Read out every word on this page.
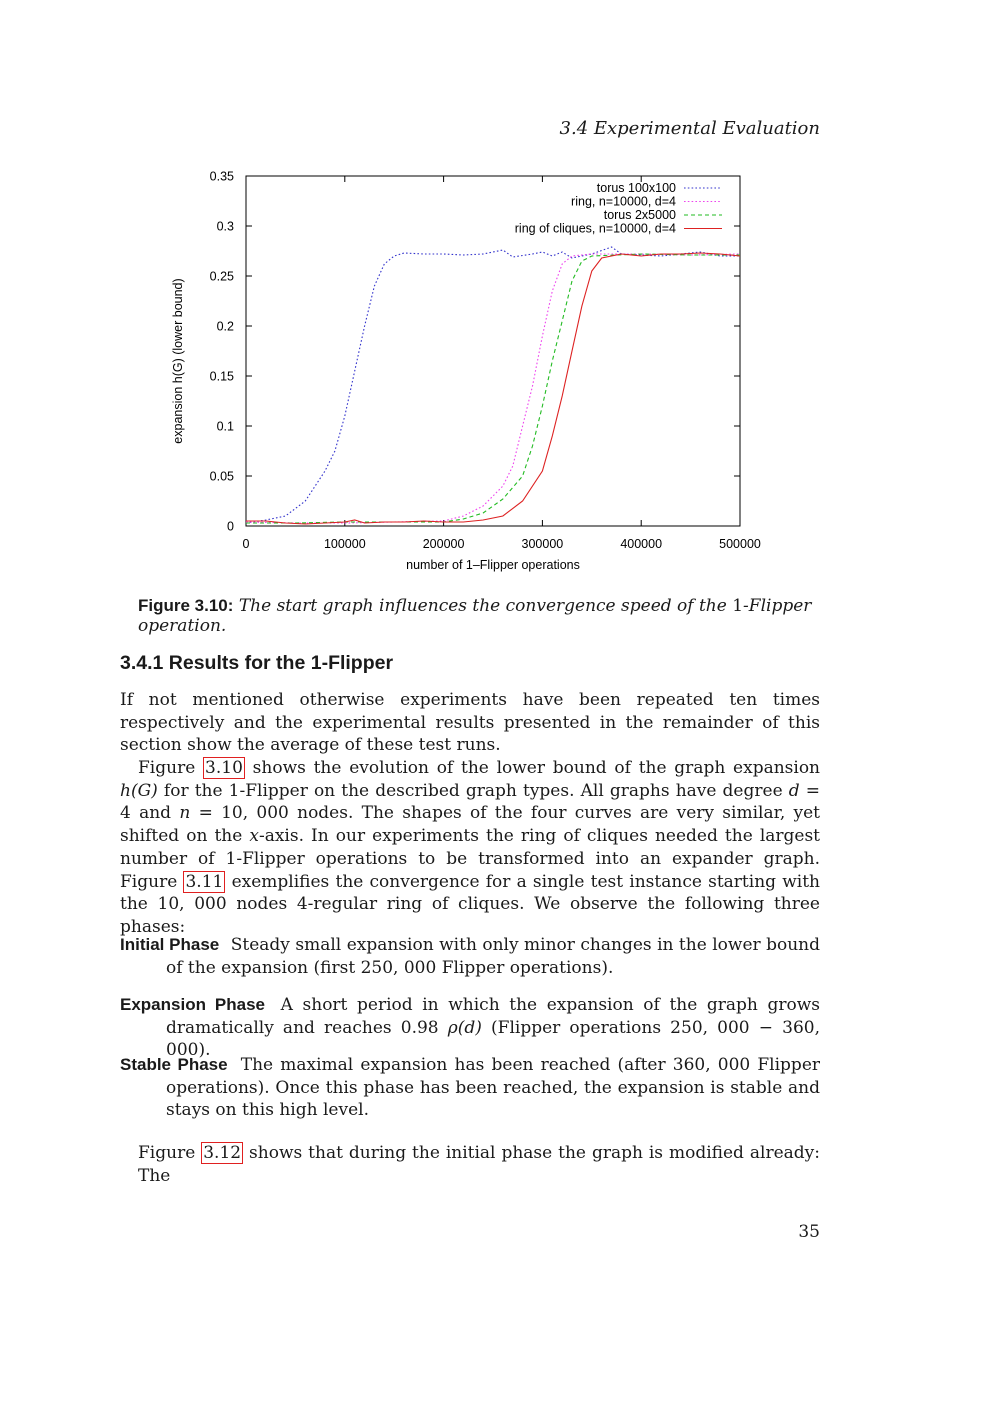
3.4 Experimental Evaluation
0
0.05
0.1
0.15
0.2
0.25
0.3
0.35
0	100000	200000	300000	400000	500000
number of 1–Flipper operations
expansion h(G) (lower bound)
torus 100x100
ring, n=10000, d=4
torus 2x5000
ring of cliques, n=10000, d=4
Figure 3.10: The start graph influences the convergence speed of the 1-Flipper operation.
3.4.1 Results for the 1-Flipper
If not mentioned otherwise experiments have been repeated ten times respectively and the experimental results presented in the remainder of this section show the average of these test runs.
Figure 3.10 shows the evolution of the lower bound of the graph expansion h(G) for the 1-Flipper on the described graph types. All graphs have degree d = 4 and n = 10, 000 nodes. The shapes of the four curves are very similar, yet shifted on the x-axis. In our experiments the ring of cliques needed the largest number of 1-Flipper operations to be transformed into an expander graph. Figure 3.11 exemplifies the convergence for a single test instance starting with the 10, 000 nodes 4-regular ring of cliques. We observe the following three phases:
Initial Phase Steady small expansion with only minor changes in the lower bound of the expansion (first 250, 000 Flipper operations).
Expansion Phase A short period in which the expansion of the graph grows dramatically and reaches 0.98 ρ(d) (Flipper operations 250, 000 − 360, 000).
Stable Phase The maximal expansion has been reached (after 360, 000 Flipper operations). Once this phase has been reached, the expansion is stable and stays on this high level.
Figure 3.12 shows that during the initial phase the graph is modified already: The
35
